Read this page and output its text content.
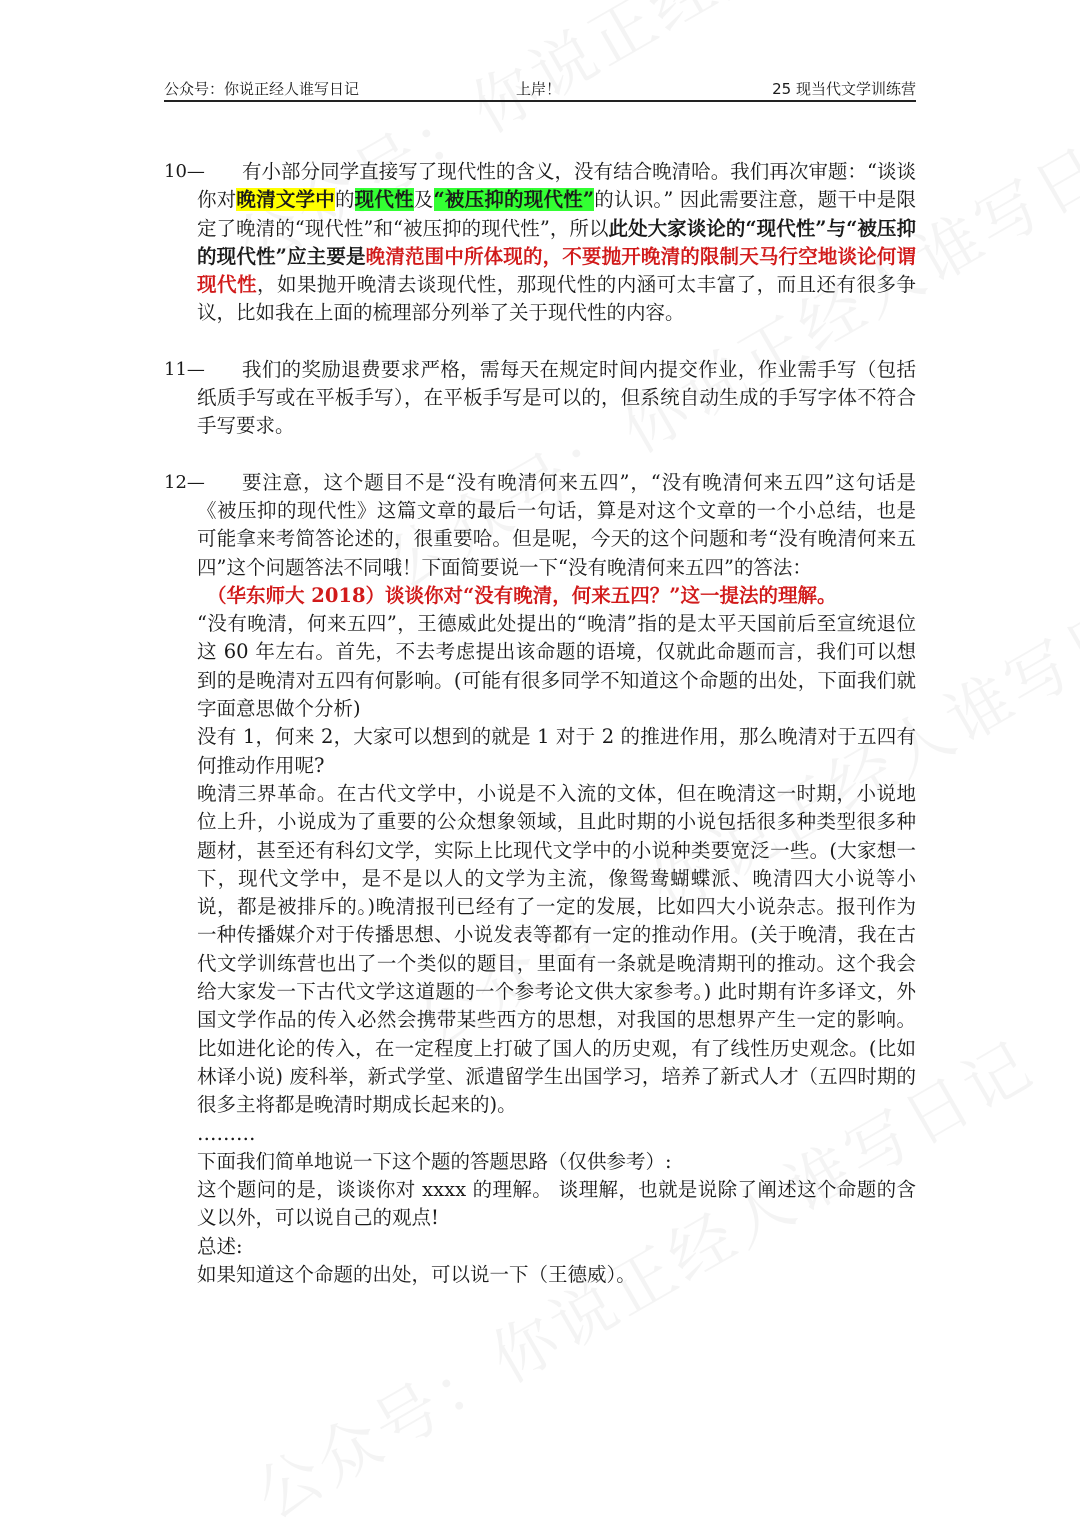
公众号：你说正经人谁写日记	上岸！	25 现当代文学训练营
10—	有小部分同学直接写了现代性的含义，没有结合晚清哈。我们再次审题：“谈谈你对晚清文学中的现代性及“被压抑的现代性”的认识。” 因此需要注意，题干中是限定了晚清的“现代性”和“被压抑的现代性”，所以此处大家谈论的“现代性”与“被压抑的现代性”应主要是晚清范围中所体现的，不要抛开晚清的限制天马行空地谈论何谓现代性，如果抛开晚清去谈现代性，那现代性的内涵可太丰富了，而且还有很多争议，比如我在上面的梳理部分列举了关于现代性的内容。

11—	我们的奖励退费要求严格，需每天在规定时间内提交作业，作业需手写（包括纸质手写或在平板手写），在平板手写是可以的，但系统自动生成的手写字体不符合手写要求。

12—	要注意，这个题目不是“没有晚清何来五四”，“没有晚清何来五四”这句话是《被压抑的现代性》这篇文章的最后一句话，算是对这个文章的一个小总结，也是可能拿来考简答论述的，很重要哈。但是呢，今天的这个问题和考“没有晚清何来五四”这个问题答法不同哦！下面简要说一下“没有晚清何来五四”的答法：

（华东师大 2018）谈谈你对“没有晚清，何来五四？”这一提法的理解。

“没有晚清，何来五四”，王德威此处提出的“晚清”指的是太平天国前后至宣统退位这 60 年左右。首先，不去考虑提出该命题的语境，仅就此命题而言，我们可以想到的是晚清对五四有何影响。(可能有很多同学不知道这个命题的出处，下面我们就字面意思做个分析)

没有 1，何来 2，大家可以想到的就是 1 对于 2 的推进作用，那么晚清对于五四有何推动作用呢?

晚清三界革命。在古代文学中，小说是不入流的文体，但在晚清这一时期，小说地位上升，小说成为了重要的公众想象领域，且此时期的小说包括很多种类型很多种题材，甚至还有科幻文学，实际上比现代文学中的小说种类要宽泛一些。(大家想一下，现代文学中，是不是以人的文学为主流，像鸳鸯蝴蝶派、晚清四大小说等小说，都是被排斥的。)晚清报刊已经有了一定的发展，比如四大小说杂志。报刊作为一种传播媒介对于传播思想、小说发表等都有一定的推动作用。(关于晚清，我在古代文学训练营也出了一个类似的题目，里面有一条就是晚清期刊的推动。这个我会给大家发一下古代文学这道题的一个参考论文供大家参考。) 此时期有许多译文，外国文学作品的传入必然会携带某些西方的思想，对我国的思想界产生一定的影响。比如进化论的传入，在一定程度上打破了国人的历史观，有了线性历史观念。(比如林译小说) 废科举，新式学堂、派遣留学生出国学习，培养了新式人才（五四时期的很多主将都是晚清时期成长起来的)。

………

下面我们简单地说一下这个题的答题思路（仅供参考）:

这个题问的是，谈谈你对 xxxx 的理解。 谈理解，也就是说除了阐述这个命题的含义以外，可以说自己的观点!

总述:

如果知道这个命题的出处，可以说一下（王德威）。
